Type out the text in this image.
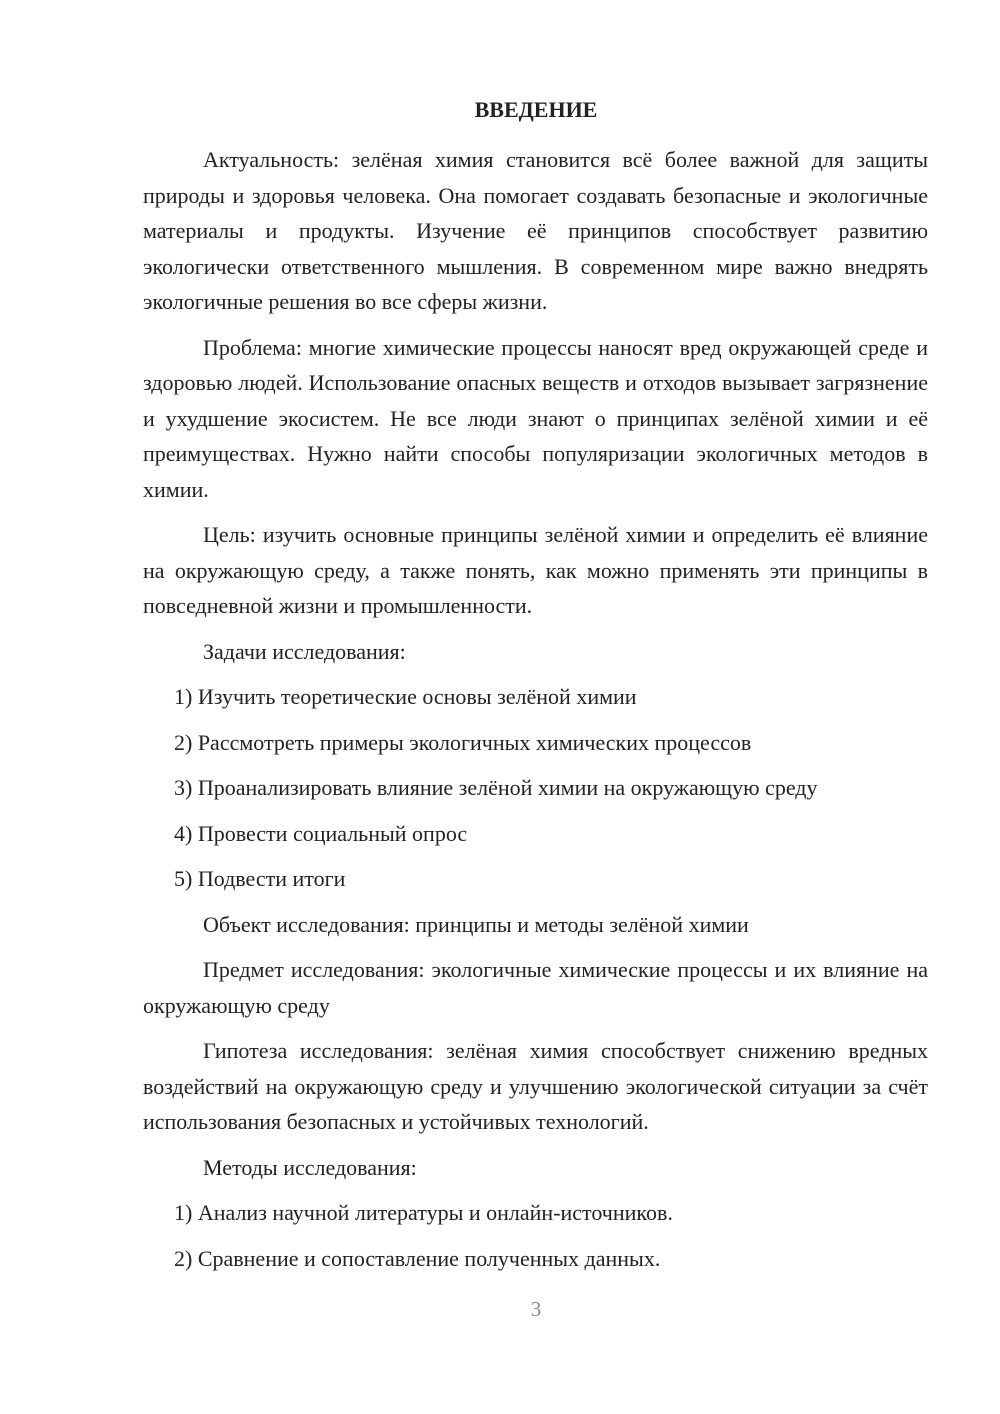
ВВЕДЕНИЕ

Актуальность: зелёная химия становится всё более важной для защиты природы и здоровья человека. Она помогает создавать безопасные и экологичные материалы и продукты. Изучение её принципов способствует развитию экологически ответственного мышления. В современном мире важно внедрять экологичные решения во все сферы жизни.

Проблема: многие химические процессы наносят вред окружающей среде и здоровью людей. Использование опасных веществ и отходов вызывает загрязнение и ухудшение экосистем. Не все люди знают о принципах зелёной химии и её преимуществах. Нужно найти способы популяризации экологичных методов в химии.

Цель: изучить основные принципы зелёной химии и определить её влияние на окружающую среду, а также понять, как можно применять эти принципы в повседневной жизни и промышленности.

Задачи исследования:

1) Изучить теоретические основы зелёной химии

2) Рассмотреть примеры экологичных химических процессов

3) Проанализировать влияние зелёной химии на окружающую среду

4) Провести социальный опрос

5) Подвести итоги

Объект исследования: принципы и методы зелёной химии

Предмет исследования: экологичные химические процессы и их влияние на окружающую среду

Гипотеза исследования: зелёная химия способствует снижению вредных воздействий на окружающую среду и улучшению экологической ситуации за счёт использования безопасных и устойчивых технологий.

Методы исследования:

1) Анализ научной литературы и онлайн-источников.

2) Сравнение и сопоставление полученных данных.

3
